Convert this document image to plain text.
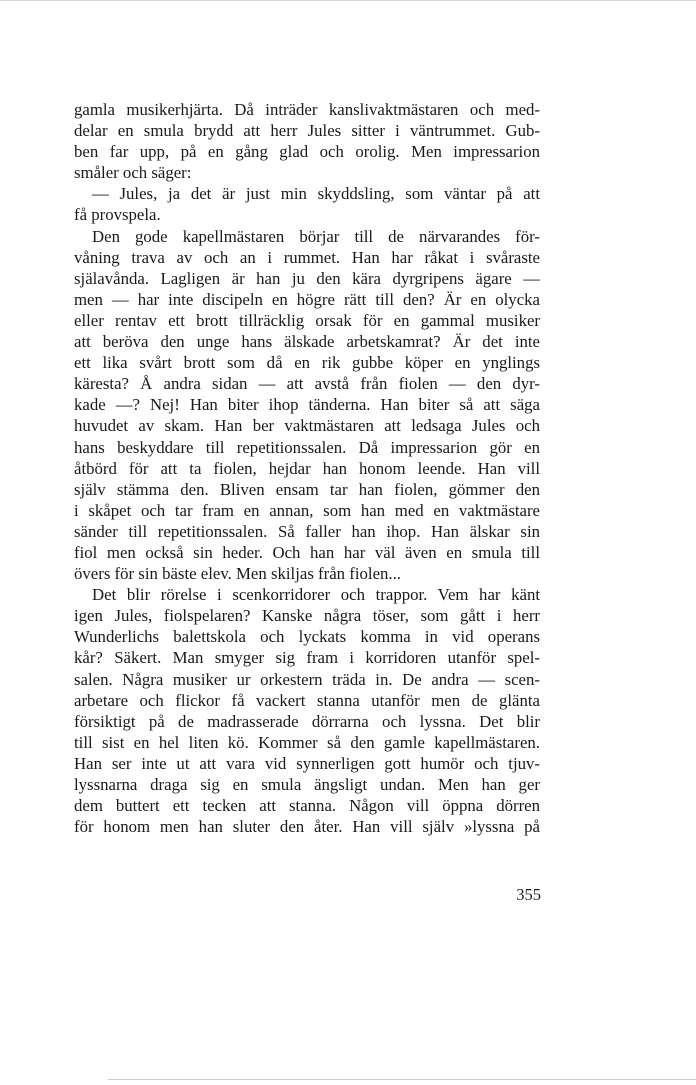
gamla musikerhjärta. Då inträder kanslivaktmästaren och med-
delar en smula brydd att herr Jules sitter i väntrummet. Gub-
ben far upp, på en gång glad och orolig. Men impressarion
småler och säger:
— Jules, ja det är just min skyddsling, som väntar på att
få provspela.
Den gode kapellmästaren börjar till de närvarandes för-
våning trava av och an i rummet. Han har råkat i svåraste
själavånda. Lagligen är han ju den kära dyrgripens ägare —
men — har inte discipeln en högre rätt till den? Är en olycka
eller rentav ett brott tillräcklig orsak för en gammal musiker
att beröva den unge hans älskade arbetskamrat? Är det inte
ett lika svårt brott som då en rik gubbe köper en ynglings
käresta? Å andra sidan — att avstå från fiolen — den dyr-
kade —? Nej! Han biter ihop tänderna. Han biter så att säga
huvudet av skam. Han ber vaktmästaren att ledsaga Jules och
hans beskyddare till repetitionssalen. Då impressarion gör en
åtbörd för att ta fiolen, hejdar han honom leende. Han vill
själv stämma den. Bliven ensam tar han fiolen, gömmer den
i skåpet och tar fram en annan, som han med en vaktmästare
sänder till repetitionssalen. Så faller han ihop. Han älskar sin
fiol men också sin heder. Och han har väl även en smula till
övers för sin bäste elev. Men skiljas från fiolen...
Det blir rörelse i scenkorridorer och trappor. Vem har känt
igen Jules, fiolspelaren? Kanske några töser, som gått i herr
Wunderlichs balettskola och lyckats komma in vid operans
kår? Säkert. Man smyger sig fram i korridoren utanför spel-
salen. Några musiker ur orkestern träda in. De andra — scen-
arbetare och flickor få vackert stanna utanför men de glänta
försiktigt på de madrasserade dörrarna och lyssna. Det blir
till sist en hel liten kö. Kommer så den gamle kapellmästaren.
Han ser inte ut att vara vid synnerligen gott humör och tjuv-
lyssnarna draga sig en smula ängsligt undan. Men han ger
dem buttert ett tecken att stanna. Någon vill öppna dörren
för honom men han sluter den åter. Han vill själv »lyssna på
355
